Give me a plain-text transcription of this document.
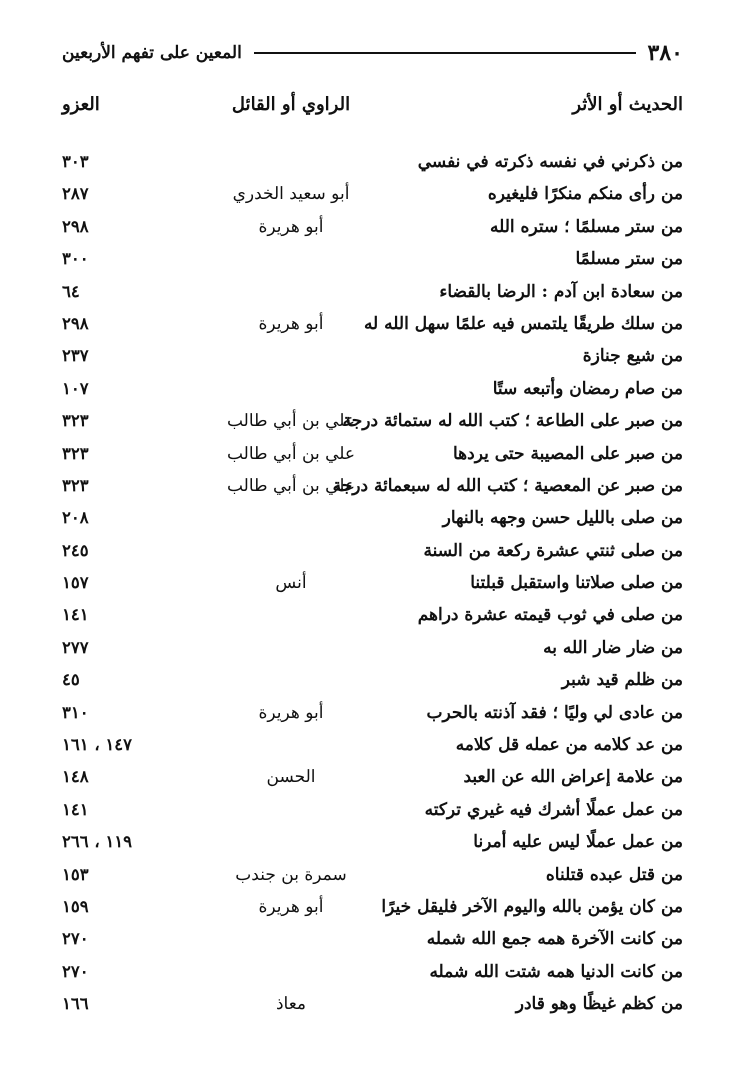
٣٨٠
المعين على تفهم الأربعين
الحديث أو الأثر
الراوي أو القائل
العزو
من ذكرني في نفسه ذكرته في نفسي
٣٠٣
من رأى منكم منكرًا فليغيره
أبو سعيد الخدري
٢٨٧
من ستر مسلمًا ؛ ستره الله
أبو هريرة
٢٩٨
من ستر مسلمًا
٣٠٠
من سعادة ابن آدم : الرضا بالقضاء
٦٤
من سلك طريقًا يلتمس فيه علمًا سهل الله له
أبو هريرة
٢٩٨
من شيع جنازة
٢٣٧
من صام رمضان وأتبعه ستًا
١٠٧
من صبر على الطاعة ؛ كتب الله له ستمائة درجة
علي بن أبي طالب
٣٢٣
من صبر على المصيبة حتى يردها
علي بن أبي طالب
٣٢٣
من صبر عن المعصية ؛ كتب الله له سبعمائة درجة
علي بن أبي طالب
٣٢٣
من صلى بالليل حسن وجهه بالنهار
٢٠٨
من صلى ثنتي عشرة ركعة من السنة
٢٤٥
من صلى صلاتنا واستقبل قبلتنا
أنس
١٥٧
من صلى في ثوب قيمته عشرة دراهم
١٤١
من ضار ضار الله به
٢٧٧
من ظلم قيد شبر
٤٥
من عادى لي وليًا ؛ فقد آذنته بالحرب
أبو هريرة
٣١٠
من عد كلامه من عمله قل كلامه
١٤٧ ، ١٦١
من علامة إعراض الله عن العبد
الحسن
١٤٨
من عمل عملًا أشرك فيه غيري تركته
١٤١
من عمل عملًا ليس عليه أمرنا
١١٩ ، ٢٦٦
من قتل عبده قتلناه
سمرة بن جندب
١٥٣
من كان يؤمن بالله واليوم الآخر فليقل خيرًا
أبو هريرة
١٥٩
من كانت الآخرة همه جمع الله شمله
٢٧٠
من كانت الدنيا همه شتت الله شمله
٢٧٠
من كظم غيظًا وهو قادر
معاذ
١٦٦
